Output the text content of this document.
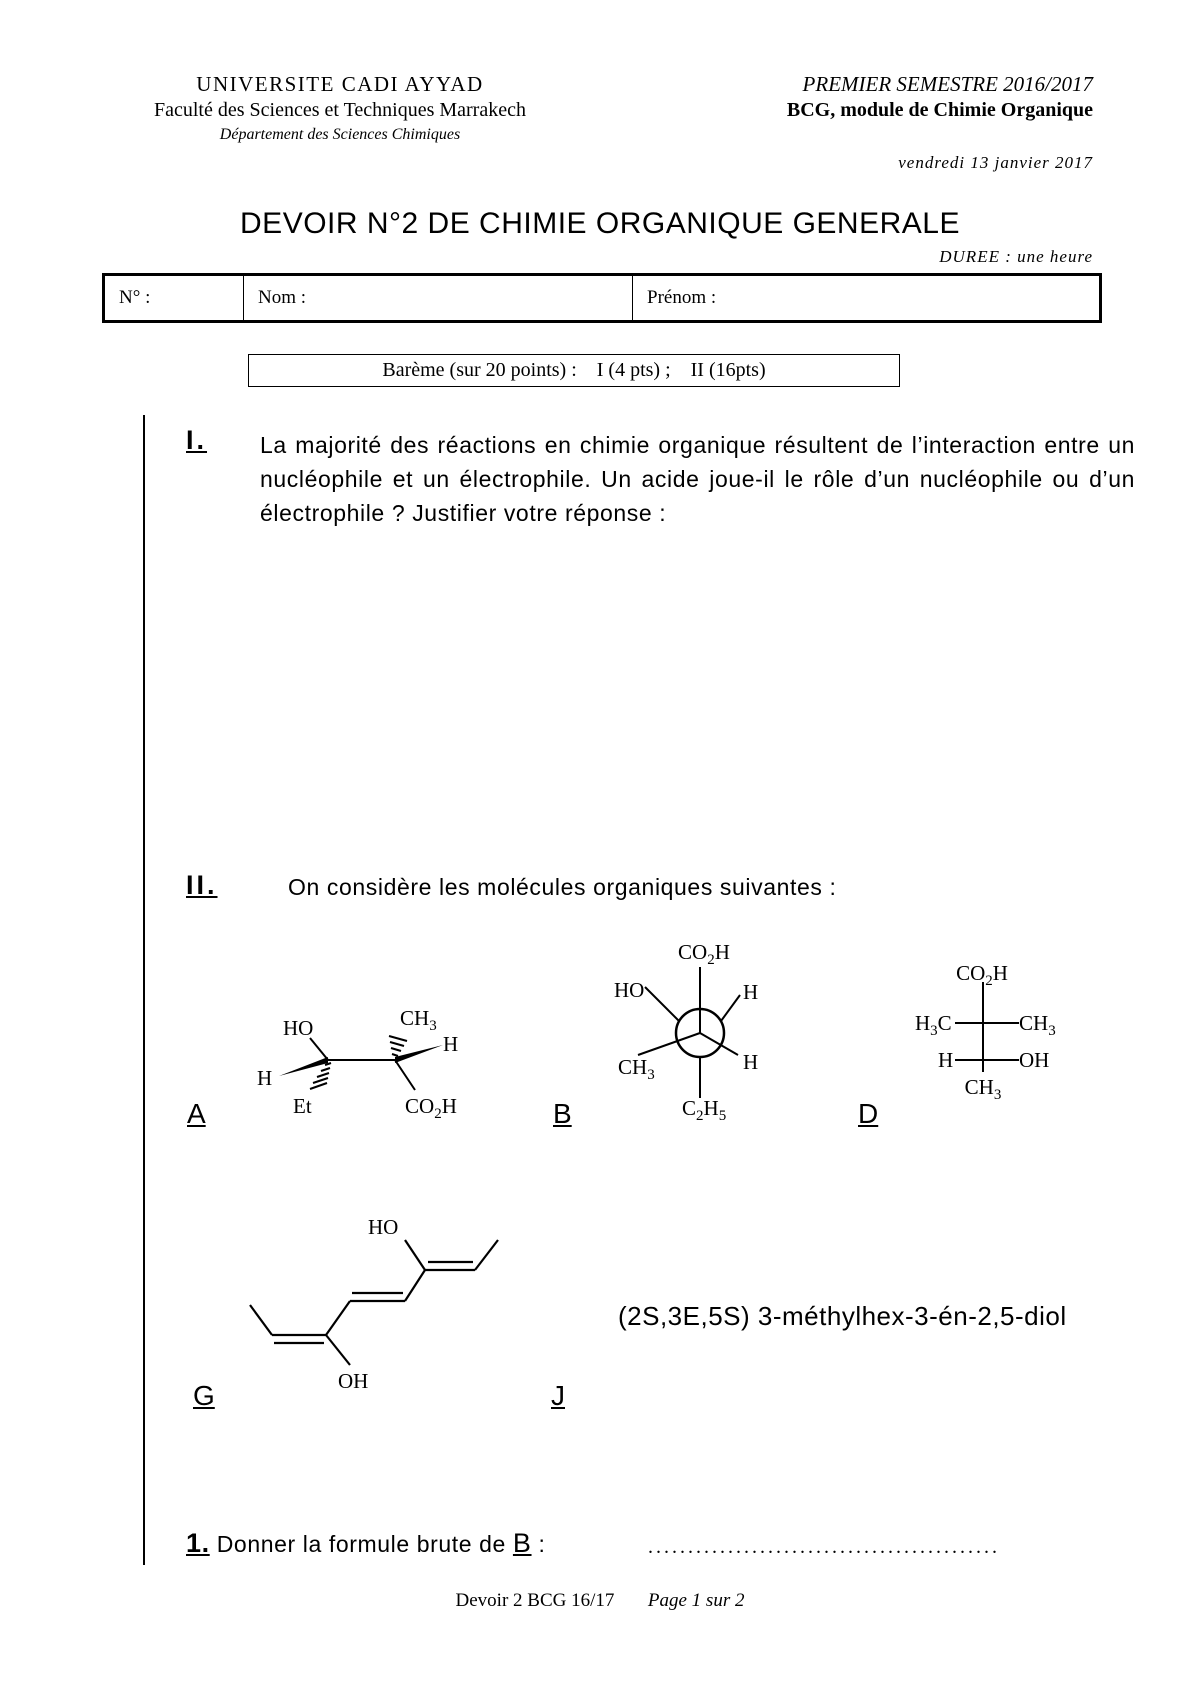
UNIVERSITE CADI AYYAD
Faculté des Sciences et Techniques Marrakech
Département des Sciences Chimiques
PREMIER SEMESTRE 2016/2017
BCG, module de Chimie Organique
vendredi 13 janvier 2017
DEVOIR N°2 DE CHIMIE ORGANIQUE GENERALE
DUREE : une heure
N° :	Nom :	Prénom :
Barème (sur 20 points) :    I (4 pts) ;    II (16pts)
I. La majorité des réactions en chimie organique résultent de l’interaction entre un nucléophile et un électrophile. Un acide joue-il le rôle d’un nucléophile ou d’un électrophile ? Justifier votre réponse :
II.	On considère les molécules organiques suivantes :
HO
H
Et
$CH_3$
H
$CO_2H$
$CO_2H$
HO	H
$CH_3$
H
$C_2H_5$
$CO_2H$
$H_3C$	$CH_3$
H	OH
$CH_3$
HO
OH
A	B	D
G	J
(2S,3E,5S) 3-méthylhex-3-én-2,5-diol
1. Donner la formule brute de B :	............................................
Devoir 2 BCG 16/17 Page 1 sur 2
